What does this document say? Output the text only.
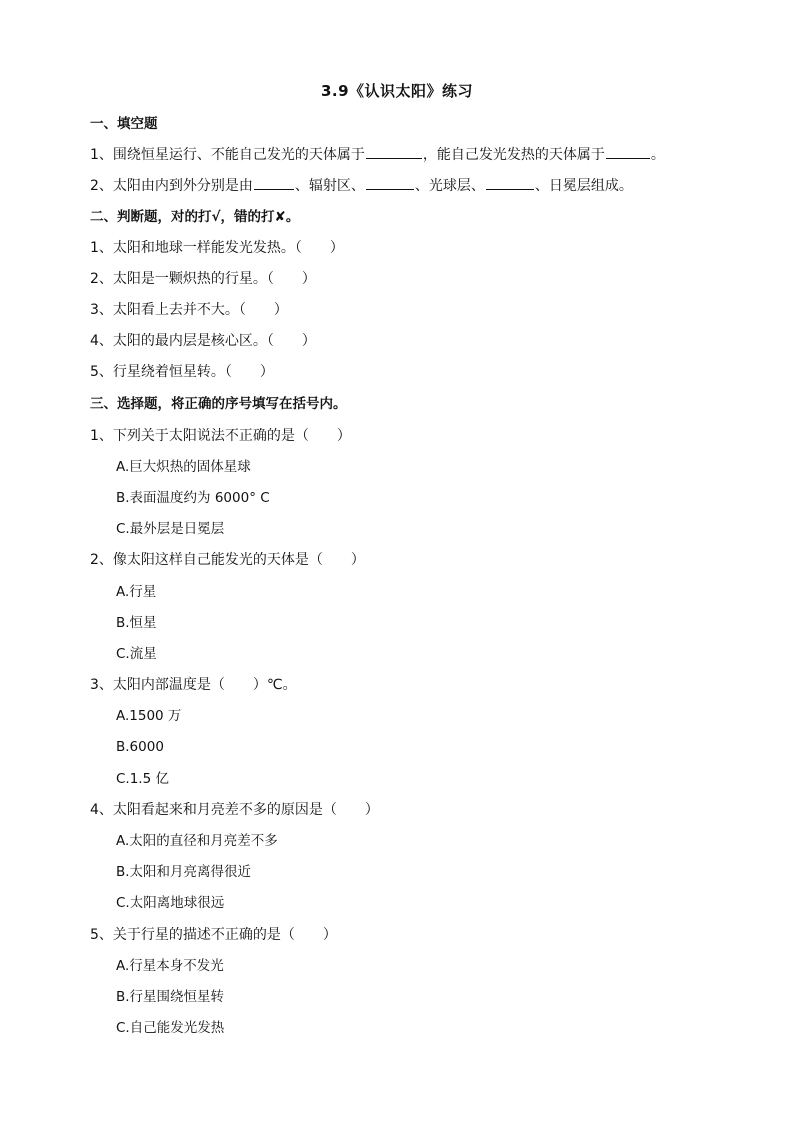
3.9《认识太阳》练习
一、填空题
1、围绕恒星运行、不能自己发光的天体属于	，能自己发光发热的天体属于	。
2、太阳由内到外分别是由	、辐射区、	、光球层、	、日冕层组成。
二、判断题，对的打√，错的打✘。
1、太阳和地球一样能发光发热。（　　）
2、太阳是一颗炽热的行星。（　　）
3、太阳看上去并不大。（　　）
4、太阳的最内层是核心区。（　　）
5、行星绕着恒星转。（　　）
三、选择题，将正确的序号填写在括号内。
1、下列关于太阳说法不正确的是（　　）
A.巨大炽热的固体星球
B.表面温度约为 6000° C
C.最外层是日冕层
2、像太阳这样自己能发光的天体是（　　）
A.行星
B.恒星
C.流星
3、太阳内部温度是（　　）℃。
A.1500 万
B.6000
C.1.5 亿
4、太阳看起来和月亮差不多的原因是（　　）
A.太阳的直径和月亮差不多
B.太阳和月亮离得很近
C.太阳离地球很远
5、关于行星的描述不正确的是（　　）
A.行星本身不发光
B.行星围绕恒星转
C.自己能发光发热
